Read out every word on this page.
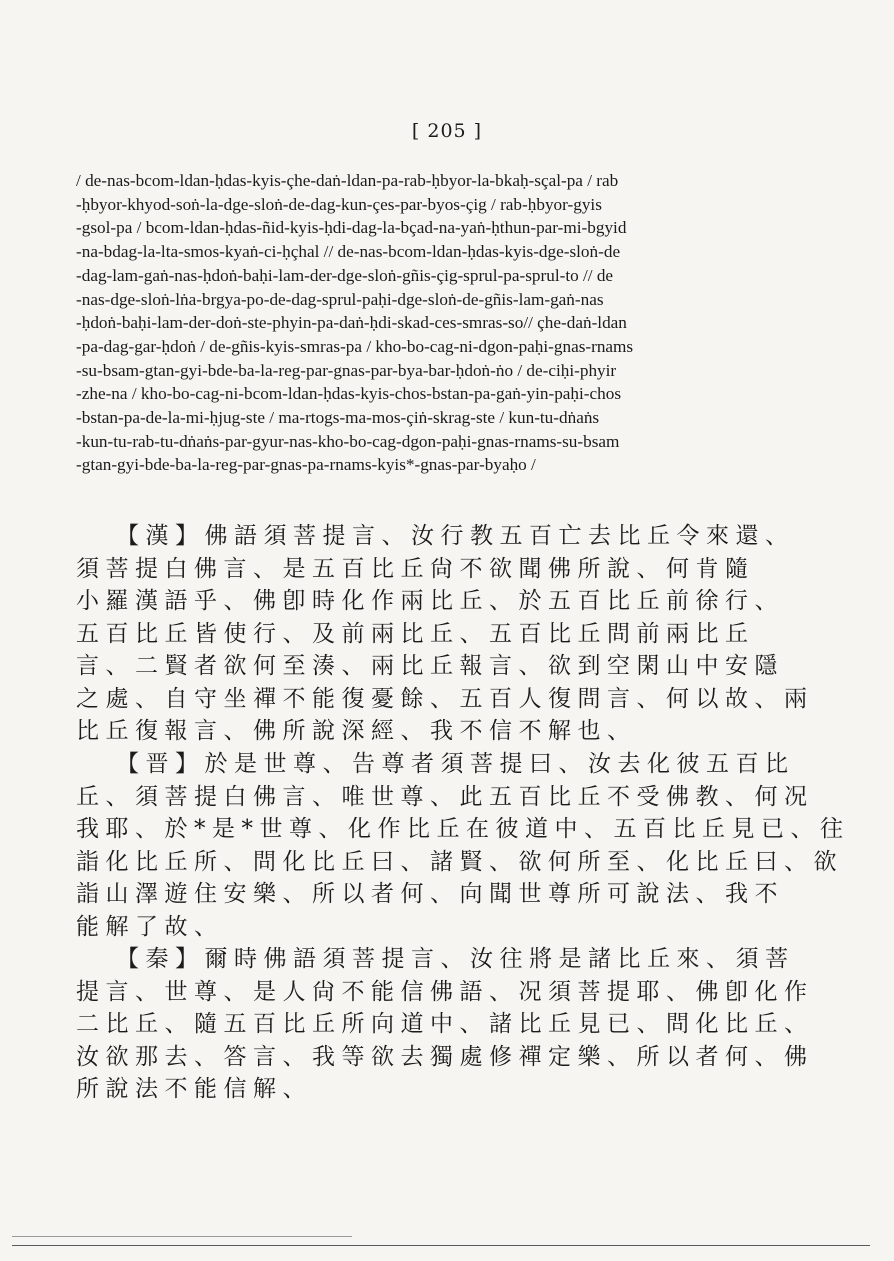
[ 205 ]
/ de-nas-bcom-ldan-ḥdas-kyis-çhe-daṅ-ldan-pa-rab-ḥbyor-la-bkaḥ-sçal-pa / rab
-ḥbyor-khyod-soṅ-la-dge-sloṅ-de-dag-kun-çes-par-byos-çig / rab-ḥbyor-gyis
-gsol-pa / bcom-ldan-ḥdas-ñid-kyis-ḥdi-dag-la-bçad-na-yaṅ-ḥthun-par-mi-bgyid
-na-bdag-la-lta-smos-kyaṅ-ci-ḥçhal // de-nas-bcom-ldan-ḥdas-kyis-dge-sloṅ-de
-dag-lam-gaṅ-nas-ḥdoṅ-baḥi-lam-der-dge-sloṅ-gñis-çig-sprul-pa-sprul-to // de
-nas-dge-sloṅ-lṅa-brgya-po-de-dag-sprul-paḥi-dge-sloṅ-de-gñis-lam-gaṅ-nas
-ḥdoṅ-baḥi-lam-der-doṅ-ste-phyin-pa-daṅ-ḥdi-skad-ces-smras-so// çhe-daṅ-ldan
-pa-dag-gar-ḥdoṅ / de-gñis-kyis-smras-pa / kho-bo-cag-ni-dgon-paḥi-gnas-rnams
-su-bsam-gtan-gyi-bde-ba-la-reg-par-gnas-par-bya-bar-ḥdoṅ-ṅo / de-ciḥi-phyir
-zhe-na / kho-bo-cag-ni-bcom-ldan-ḥdas-kyis-chos-bstan-pa-gaṅ-yin-paḥi-chos
-bstan-pa-de-la-mi-ḥjug-ste / ma-rtogs-ma-mos-çiṅ-skrag-ste / kun-tu-dṅaṅs
-kun-tu-rab-tu-dṅaṅs-par-gyur-nas-kho-bo-cag-dgon-paḥi-gnas-rnams-su-bsam
-gtan-gyi-bde-ba-la-reg-par-gnas-pa-rnams-kyis*-gnas-par-byaḥo /
【漢】佛語須菩提言、汝行教五百亡去比丘令來還、
須菩提白佛言、是五百比丘尙不欲聞佛所說、何肯隨
小羅漢語乎、佛卽時化作兩比丘、於五百比丘前徐行、
五百比丘皆使行、及前兩比丘、五百比丘問前兩比丘
言、二賢者欲何至湊、兩比丘報言、欲到空閑山中安隱
之處、自守坐禪不能復憂餘、五百人復問言、何以故、兩
比丘復報言、佛所說深經、我不信不解也、
【晋】於是世尊、告尊者須菩提曰、汝去化彼五百比
丘、須菩提白佛言、唯世尊、此五百比丘不受佛教、何况
我耶、於*是*世尊、化作比丘在彼道中、五百比丘見已、往
詣化比丘所、問化比丘曰、諸賢、欲何所至、化比丘曰、欲
詣山澤遊住安樂、所以者何、向聞世尊所可說法、我不
能解了故、
【秦】爾時佛語須菩提言、汝往將是諸比丘來、須菩
提言、世尊、是人尙不能信佛語、况須菩提耶、佛卽化作
二比丘、隨五百比丘所向道中、諸比丘見已、問化比丘、
汝欲那去、答言、我等欲去獨處修禪定樂、所以者何、佛
所說法不能信解、
